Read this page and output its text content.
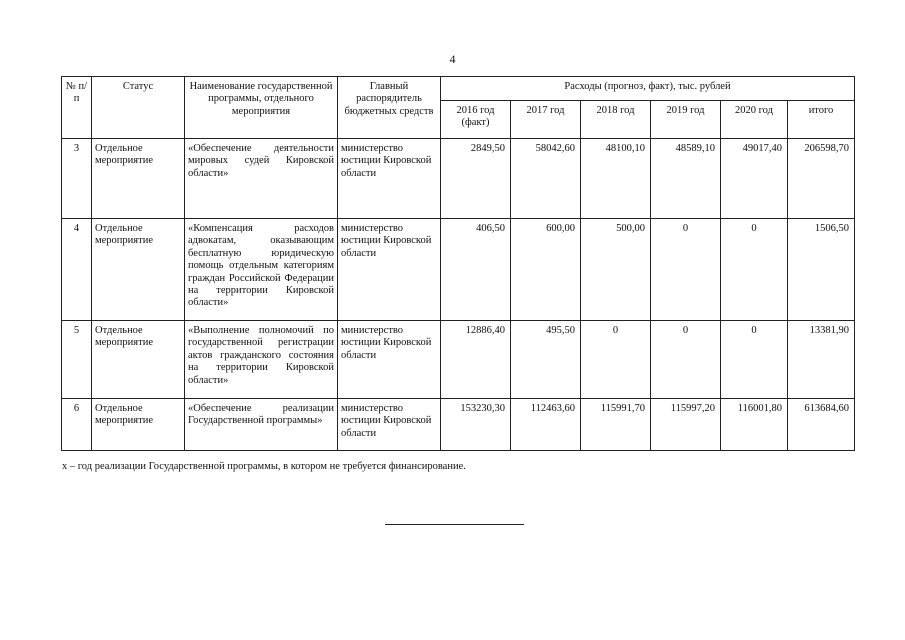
4
№ п/п	Статус	Наименование государственной программы, отдельного мероприятия	Главный распорядитель бюджетных средств	Расходы (прогноз, факт), тыс. рублей					
				2016 год (факт)	2017 год	2018 год	2019 год	2020 год	итого
3	Отдельное мероприятие	«Обеспечение деятельности мировых судей Кировской области»	министерство юстиции Кировской области	2849,50	58042,60	48100,10	48589,10	49017,40	206598,70
4	Отдельное мероприятие	«Компенсация расходов адвокатам, оказывающим бесплатную юридическую помощь отдельным категориям граждан Российской Федерации на территории Кировской области»	министерство юстиции Кировской области	406,50	600,00	500,00	0	0	1506,50
5	Отдельное мероприятие	«Выполнение полномочий по государственной регистрации актов гражданского состояния на территории Кировской области»	министерство юстиции Кировской области	12886,40	495,50	0	0	0	13381,90
6	Отдельное мероприятие	«Обеспечение реализации Государственной программы»	министерство юстиции Кировской области	153230,30	112463,60	115991,70	115997,20	116001,80	613684,60
х – год реализации Государственной программы, в котором не требуется финансирование.
